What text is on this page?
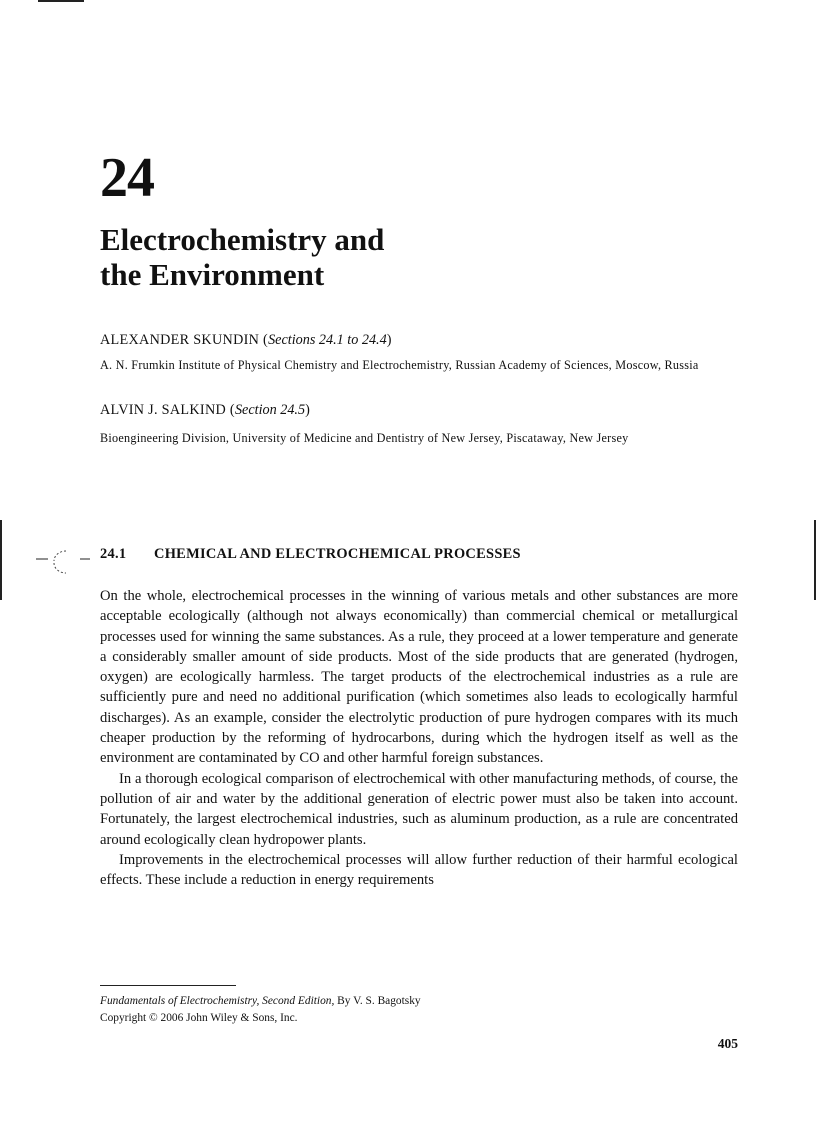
24
Electrochemistry and
the Environment
ALEXANDER SKUNDIN (Sections 24.1 to 24.4)
A. N. Frumkin Institute of Physical Chemistry and Electrochemistry, Russian Academy of Sciences, Moscow, Russia
ALVIN J. SALKIND (Section 24.5)
Bioengineering Division, University of Medicine and Dentistry of New Jersey, Piscataway, New Jersey
24.1 CHEMICAL AND ELECTROCHEMICAL PROCESSES

On the whole, electrochemical processes in the winning of various metals and other substances are more acceptable ecologically (although not always economically) than commercial chemical or metallurgical processes used for winning the same substances. As a rule, they proceed at a lower temperature and generate a considerably smaller amount of side products. Most of the side products that are generated (hydrogen, oxygen) are ecologically harmless. The target products of the electrochemical industries as a rule are sufficiently pure and need no additional purification (which sometimes also leads to ecologically harmful discharges). As an example, consider the electrolytic production of pure hydrogen compares with its much cheaper production by the reforming of hydrocarbons, during which the hydrogen itself as well as the environment are contaminated by CO and other harmful foreign substances.

In a thorough ecological comparison of electrochemical with other manufacturing methods, of course, the pollution of air and water by the additional generation of electric power must also be taken into account. Fortunately, the largest electrochemical industries, such as aluminum production, as a rule are concentrated around ecologically clean hydropower plants.

Improvements in the electrochemical processes will allow further reduction of their harmful ecological effects. These include a reduction in energy requirements

Fundamentals of Electrochemistry, Second Edition, By V. S. Bagotsky
Copyright © 2006 John Wiley & Sons, Inc.
405
